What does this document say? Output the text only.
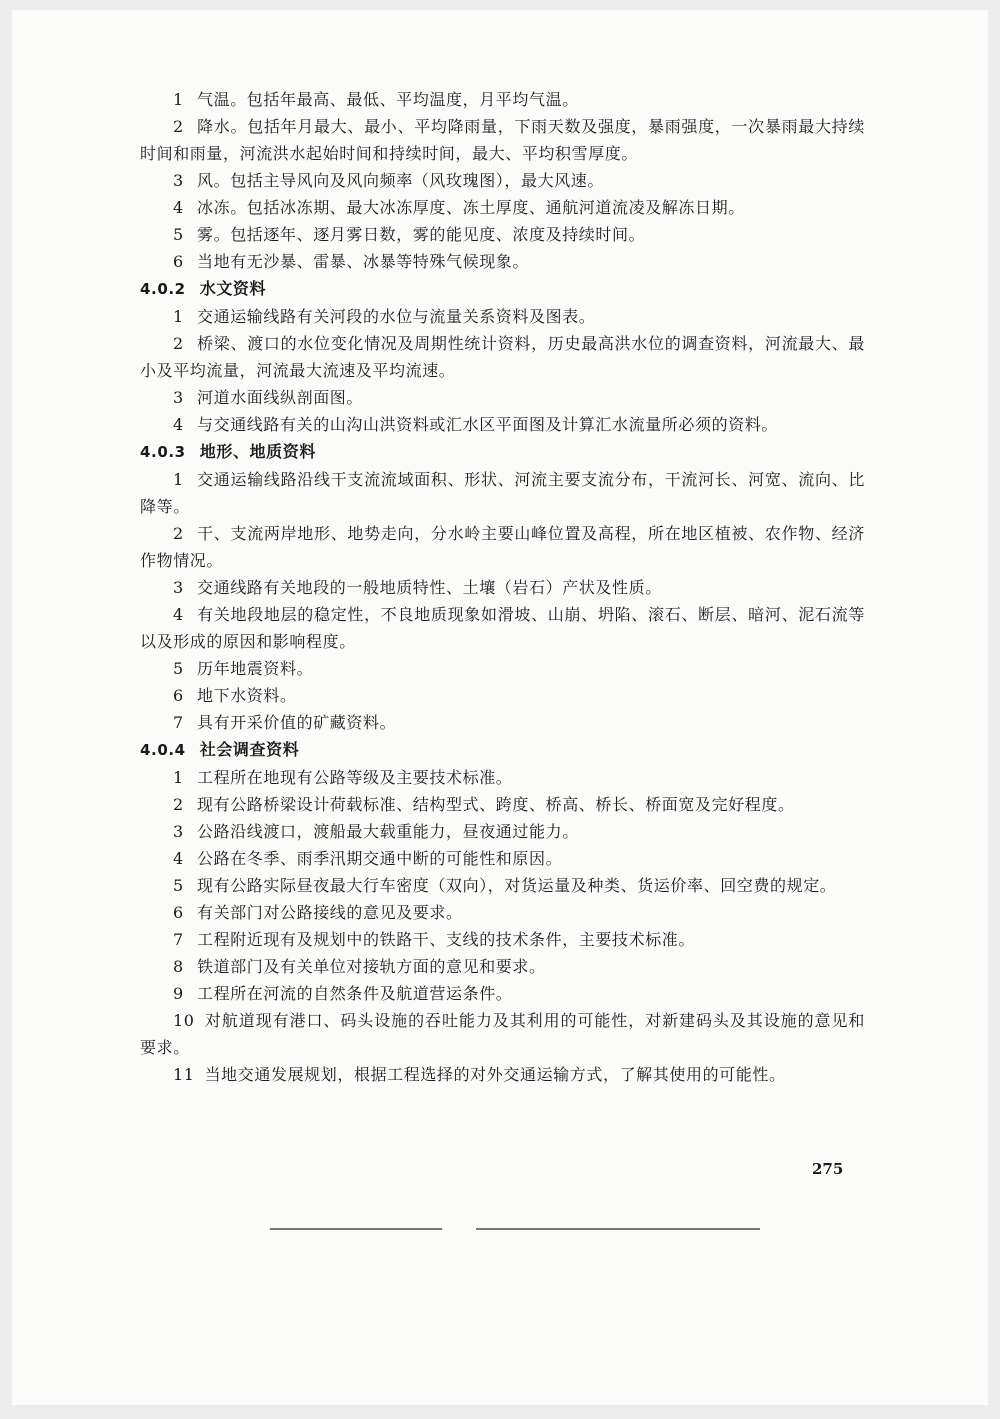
1 气温。包括年最高、最低、平均温度，月平均气温。

2 降水。包括年月最大、最小、平均降雨量，下雨天数及强度，暴雨强度，一次暴雨最大持续时间和雨量，河流洪水起始时间和持续时间，最大、平均积雪厚度。

3 风。包括主导风向及风向频率（风玫瑰图），最大风速。

4 冰冻。包括冰冻期、最大冰冻厚度、冻土厚度、通航河道流凌及解冻日期。

5 雾。包括逐年、逐月雾日数，雾的能见度、浓度及持续时间。

6 当地有无沙暴、雷暴、冰暴等特殊气候现象。

4.0.2 水文资料

1 交通运输线路有关河段的水位与流量关系资料及图表。

2 桥梁、渡口的水位变化情况及周期性统计资料，历史最高洪水位的调查资料，河流最大、最小及平均流量，河流最大流速及平均流速。

3 河道水面线纵剖面图。

4 与交通线路有关的山沟山洪资料或汇水区平面图及计算汇水流量所必须的资料。

4.0.3 地形、地质资料

1 交通运输线路沿线干支流流域面积、形状、河流主要支流分布，干流河长、河宽、流向、比降等。

2 干、支流两岸地形、地势走向，分水岭主要山峰位置及高程，所在地区植被、农作物、经济作物情况。

3 交通线路有关地段的一般地质特性、土壤（岩石）产状及性质。

4 有关地段地层的稳定性，不良地质现象如滑坡、山崩、坍陷、滚石、断层、暗河、泥石流等以及形成的原因和影响程度。

5 历年地震资料。

6 地下水资料。

7 具有开采价值的矿藏资料。

4.0.4 社会调查资料

1 工程所在地现有公路等级及主要技术标准。

2 现有公路桥梁设计荷载标准、结构型式、跨度、桥高、桥长、桥面宽及完好程度。

3 公路沿线渡口，渡船最大载重能力，昼夜通过能力。

4 公路在冬季、雨季汛期交通中断的可能性和原因。

5 现有公路实际昼夜最大行车密度（双向），对货运量及种类、货运价率、回空费的规定。

6 有关部门对公路接线的意见及要求。

7 工程附近现有及规划中的铁路干、支线的技术条件，主要技术标准。

8 铁道部门及有关单位对接轨方面的意见和要求。

9 工程所在河流的自然条件及航道营运条件。

10 对航道现有港口、码头设施的吞吐能力及其利用的可能性，对新建码头及其设施的意见和要求。

11 当地交通发展规划，根据工程选择的对外交通运输方式，了解其使用的可能性。

275
